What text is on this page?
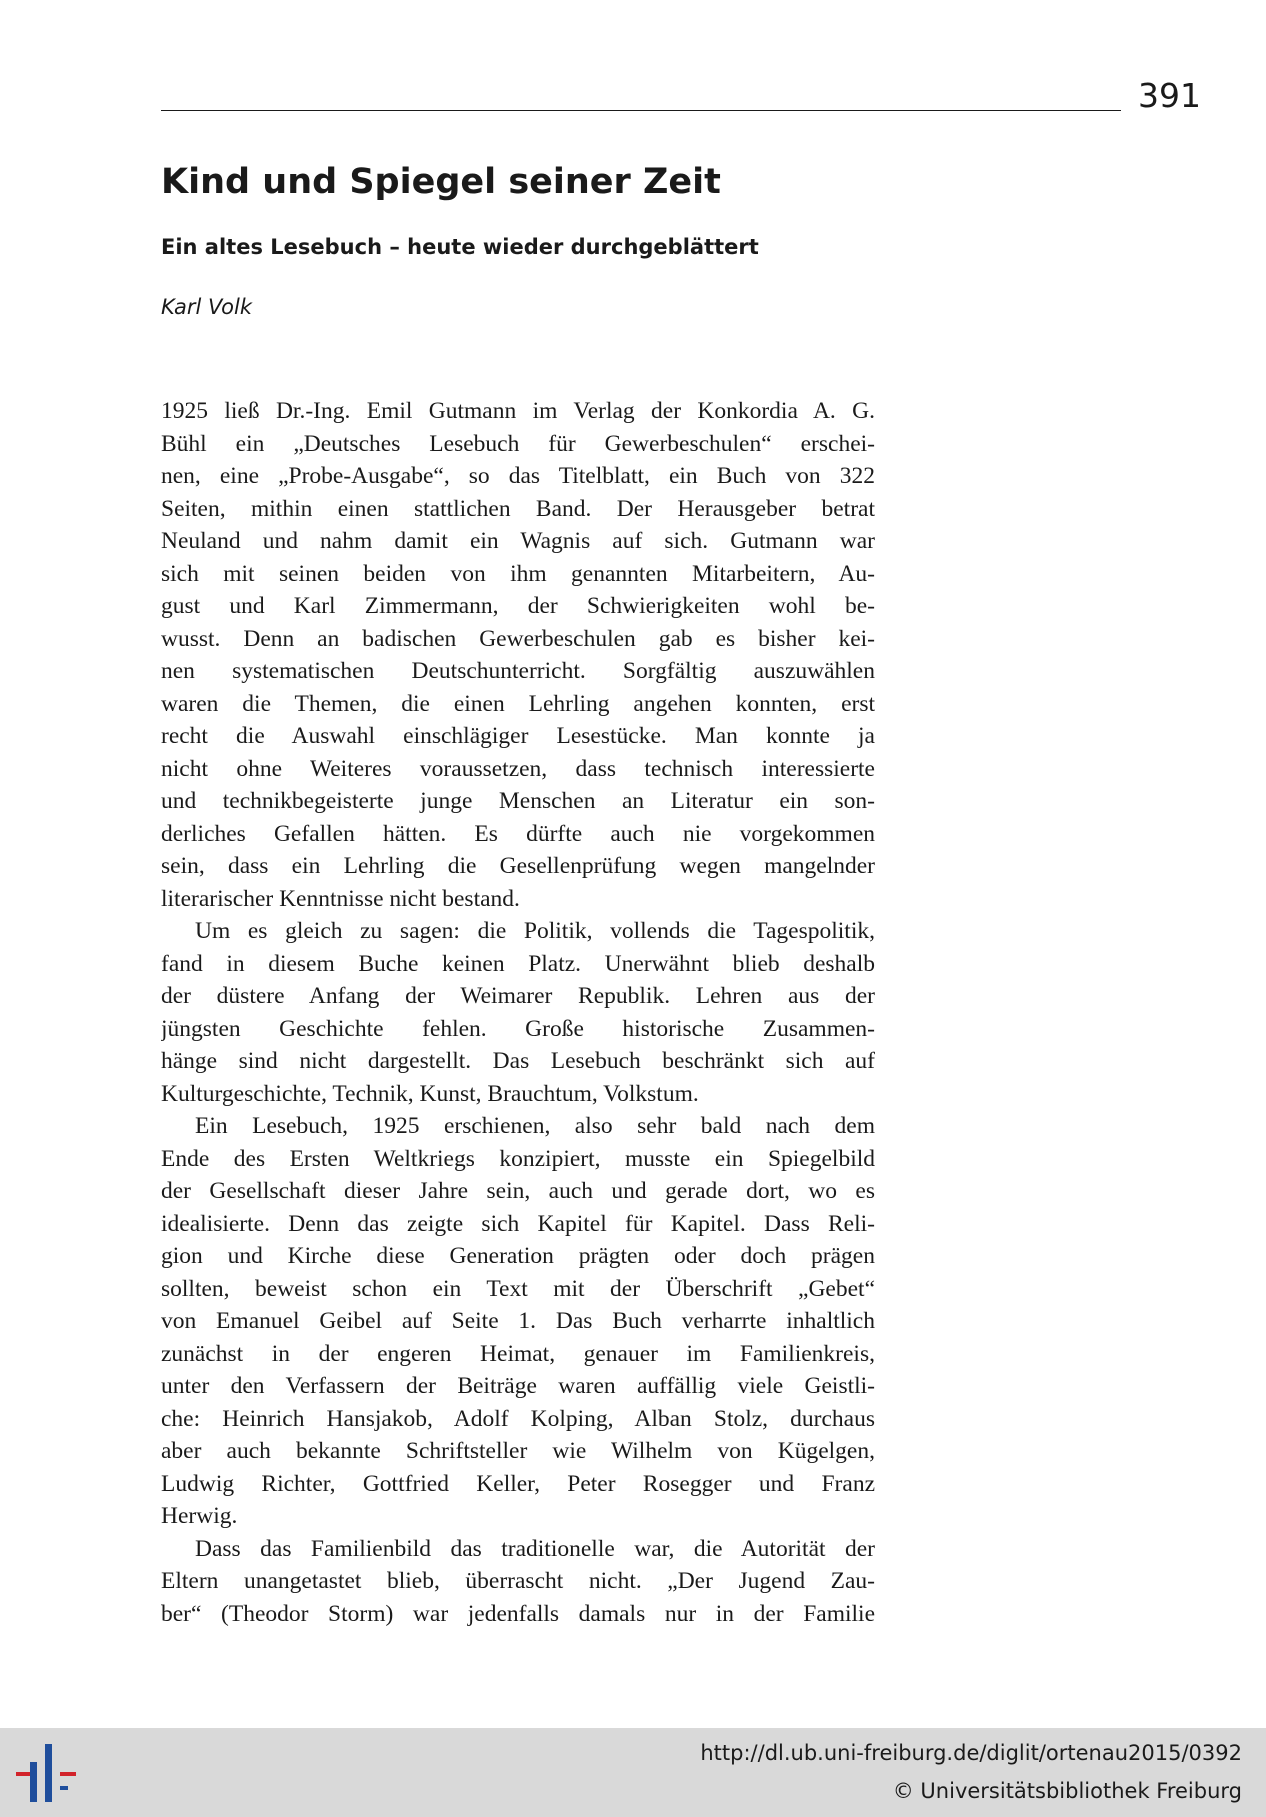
391
Kind und Spiegel seiner Zeit
Ein altes Lesebuch – heute wieder durchgeblättert

Karl Volk

1925 ließ Dr.-Ing. Emil Gutmann im Verlag der Konkordia A. G.
Bühl ein „Deutsches Lesebuch für Gewerbeschulen“ erschei-
nen, eine „Probe-Ausgabe“, so das Titelblatt, ein Buch von 322
Seiten, mithin einen stattlichen Band. Der Herausgeber betrat
Neuland und nahm damit ein Wagnis auf sich. Gutmann war
sich mit seinen beiden von ihm genannten Mitarbeitern, Au-
gust und Karl Zimmermann, der Schwierigkeiten wohl be-
wusst. Denn an badischen Gewerbeschulen gab es bisher kei-
nen systematischen Deutschunterricht. Sorgfältig auszuwählen
waren die Themen, die einen Lehrling angehen konnten, erst
recht die Auswahl einschlägiger Lesestücke. Man konnte ja
nicht ohne Weiteres voraussetzen, dass technisch interessierte
und technikbegeisterte junge Menschen an Literatur ein son-
derliches Gefallen hätten. Es dürfte auch nie vorgekommen
sein, dass ein Lehrling die Gesellenprüfung wegen mangelnder
literarischer Kenntnisse nicht bestand.
Um es gleich zu sagen: die Politik, vollends die Tagespolitik,
fand in diesem Buche keinen Platz. Unerwähnt blieb deshalb
der düstere Anfang der Weimarer Republik. Lehren aus der
jüngsten Geschichte fehlen. Große historische Zusammen-
hänge sind nicht dargestellt. Das Lesebuch beschränkt sich auf
Kulturgeschichte, Technik, Kunst, Brauchtum, Volkstum.
Ein Lesebuch, 1925 erschienen, also sehr bald nach dem
Ende des Ersten Weltkriegs konzipiert, musste ein Spiegelbild
der Gesellschaft dieser Jahre sein, auch und gerade dort, wo es
idealisierte. Denn das zeigte sich Kapitel für Kapitel. Dass Reli-
gion und Kirche diese Generation prägten oder doch prägen
sollten, beweist schon ein Text mit der Überschrift „Gebet“
von Emanuel Geibel auf Seite 1. Das Buch verharrte inhaltlich
zunächst in der engeren Heimat, genauer im Familienkreis,
unter den Verfassern der Beiträge waren auffällig viele Geistli-
che: Heinrich Hansjakob, Adolf Kolping, Alban Stolz, durchaus
aber auch bekannte Schriftsteller wie Wilhelm von Kügelgen,
Ludwig Richter, Gottfried Keller, Peter Rosegger und Franz
Herwig.
Dass das Familienbild das traditionelle war, die Autorität der
Eltern unangetastet blieb, überrascht nicht. „Der Jugend Zau-
ber“ (Theodor Storm) war jedenfalls damals nur in der Familie
http://dl.ub.uni-freiburg.de/diglit/ortenau2015/0392
© Universitätsbibliothek Freiburg
